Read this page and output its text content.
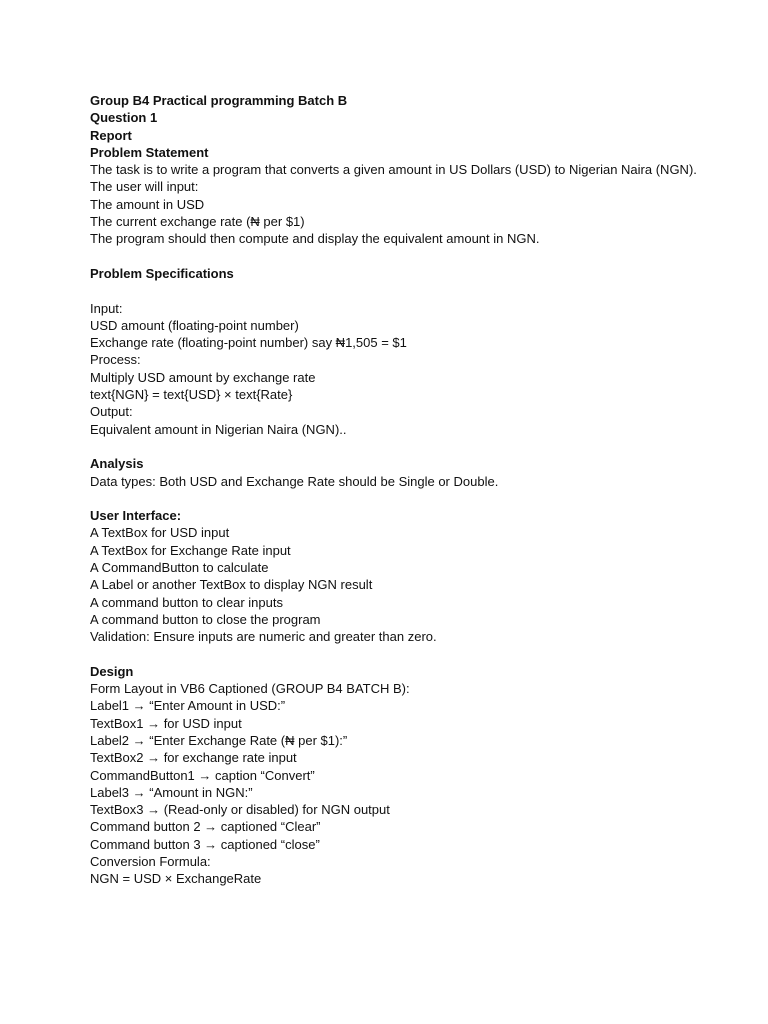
Group B4 Practical programming Batch B
Question 1
Report
Problem Statement
The task is to write a program that converts a given amount in US Dollars (USD) to Nigerian Naira (NGN).
The user will input:
The amount in USD
The current exchange rate (₦ per $1)
The program should then compute and display the equivalent amount in NGN.
Problem Specifications
Input:
USD amount (floating-point number)
Exchange rate (floating-point number) say ₦1,505 = $1
Process:
Multiply USD amount by exchange rate
text{NGN} = text{USD} × text{Rate}
Output:
Equivalent amount in Nigerian Naira (NGN)..
Analysis
Data types: Both USD and Exchange Rate should be Single or Double.
User Interface:
A TextBox for USD input
A TextBox for Exchange Rate input
A CommandButton to calculate
A Label or another TextBox to display NGN result
A command button to clear inputs
A command button to close the program
Validation: Ensure inputs are numeric and greater than zero.
Design
Form Layout in VB6 Captioned (GROUP B4 BATCH B):
Label1 → “Enter Amount in USD:”
TextBox1 → for USD input
Label2 → “Enter Exchange Rate (₦ per $1):”
TextBox2 → for exchange rate input
CommandButton1 → caption “Convert”
Label3 → “Amount in NGN:”
TextBox3 → (Read-only or disabled) for NGN output
Command button 2 → captioned “Clear”
Command button 3 → captioned “close”
Conversion Formula:
NGN = USD × ExchangeRate
